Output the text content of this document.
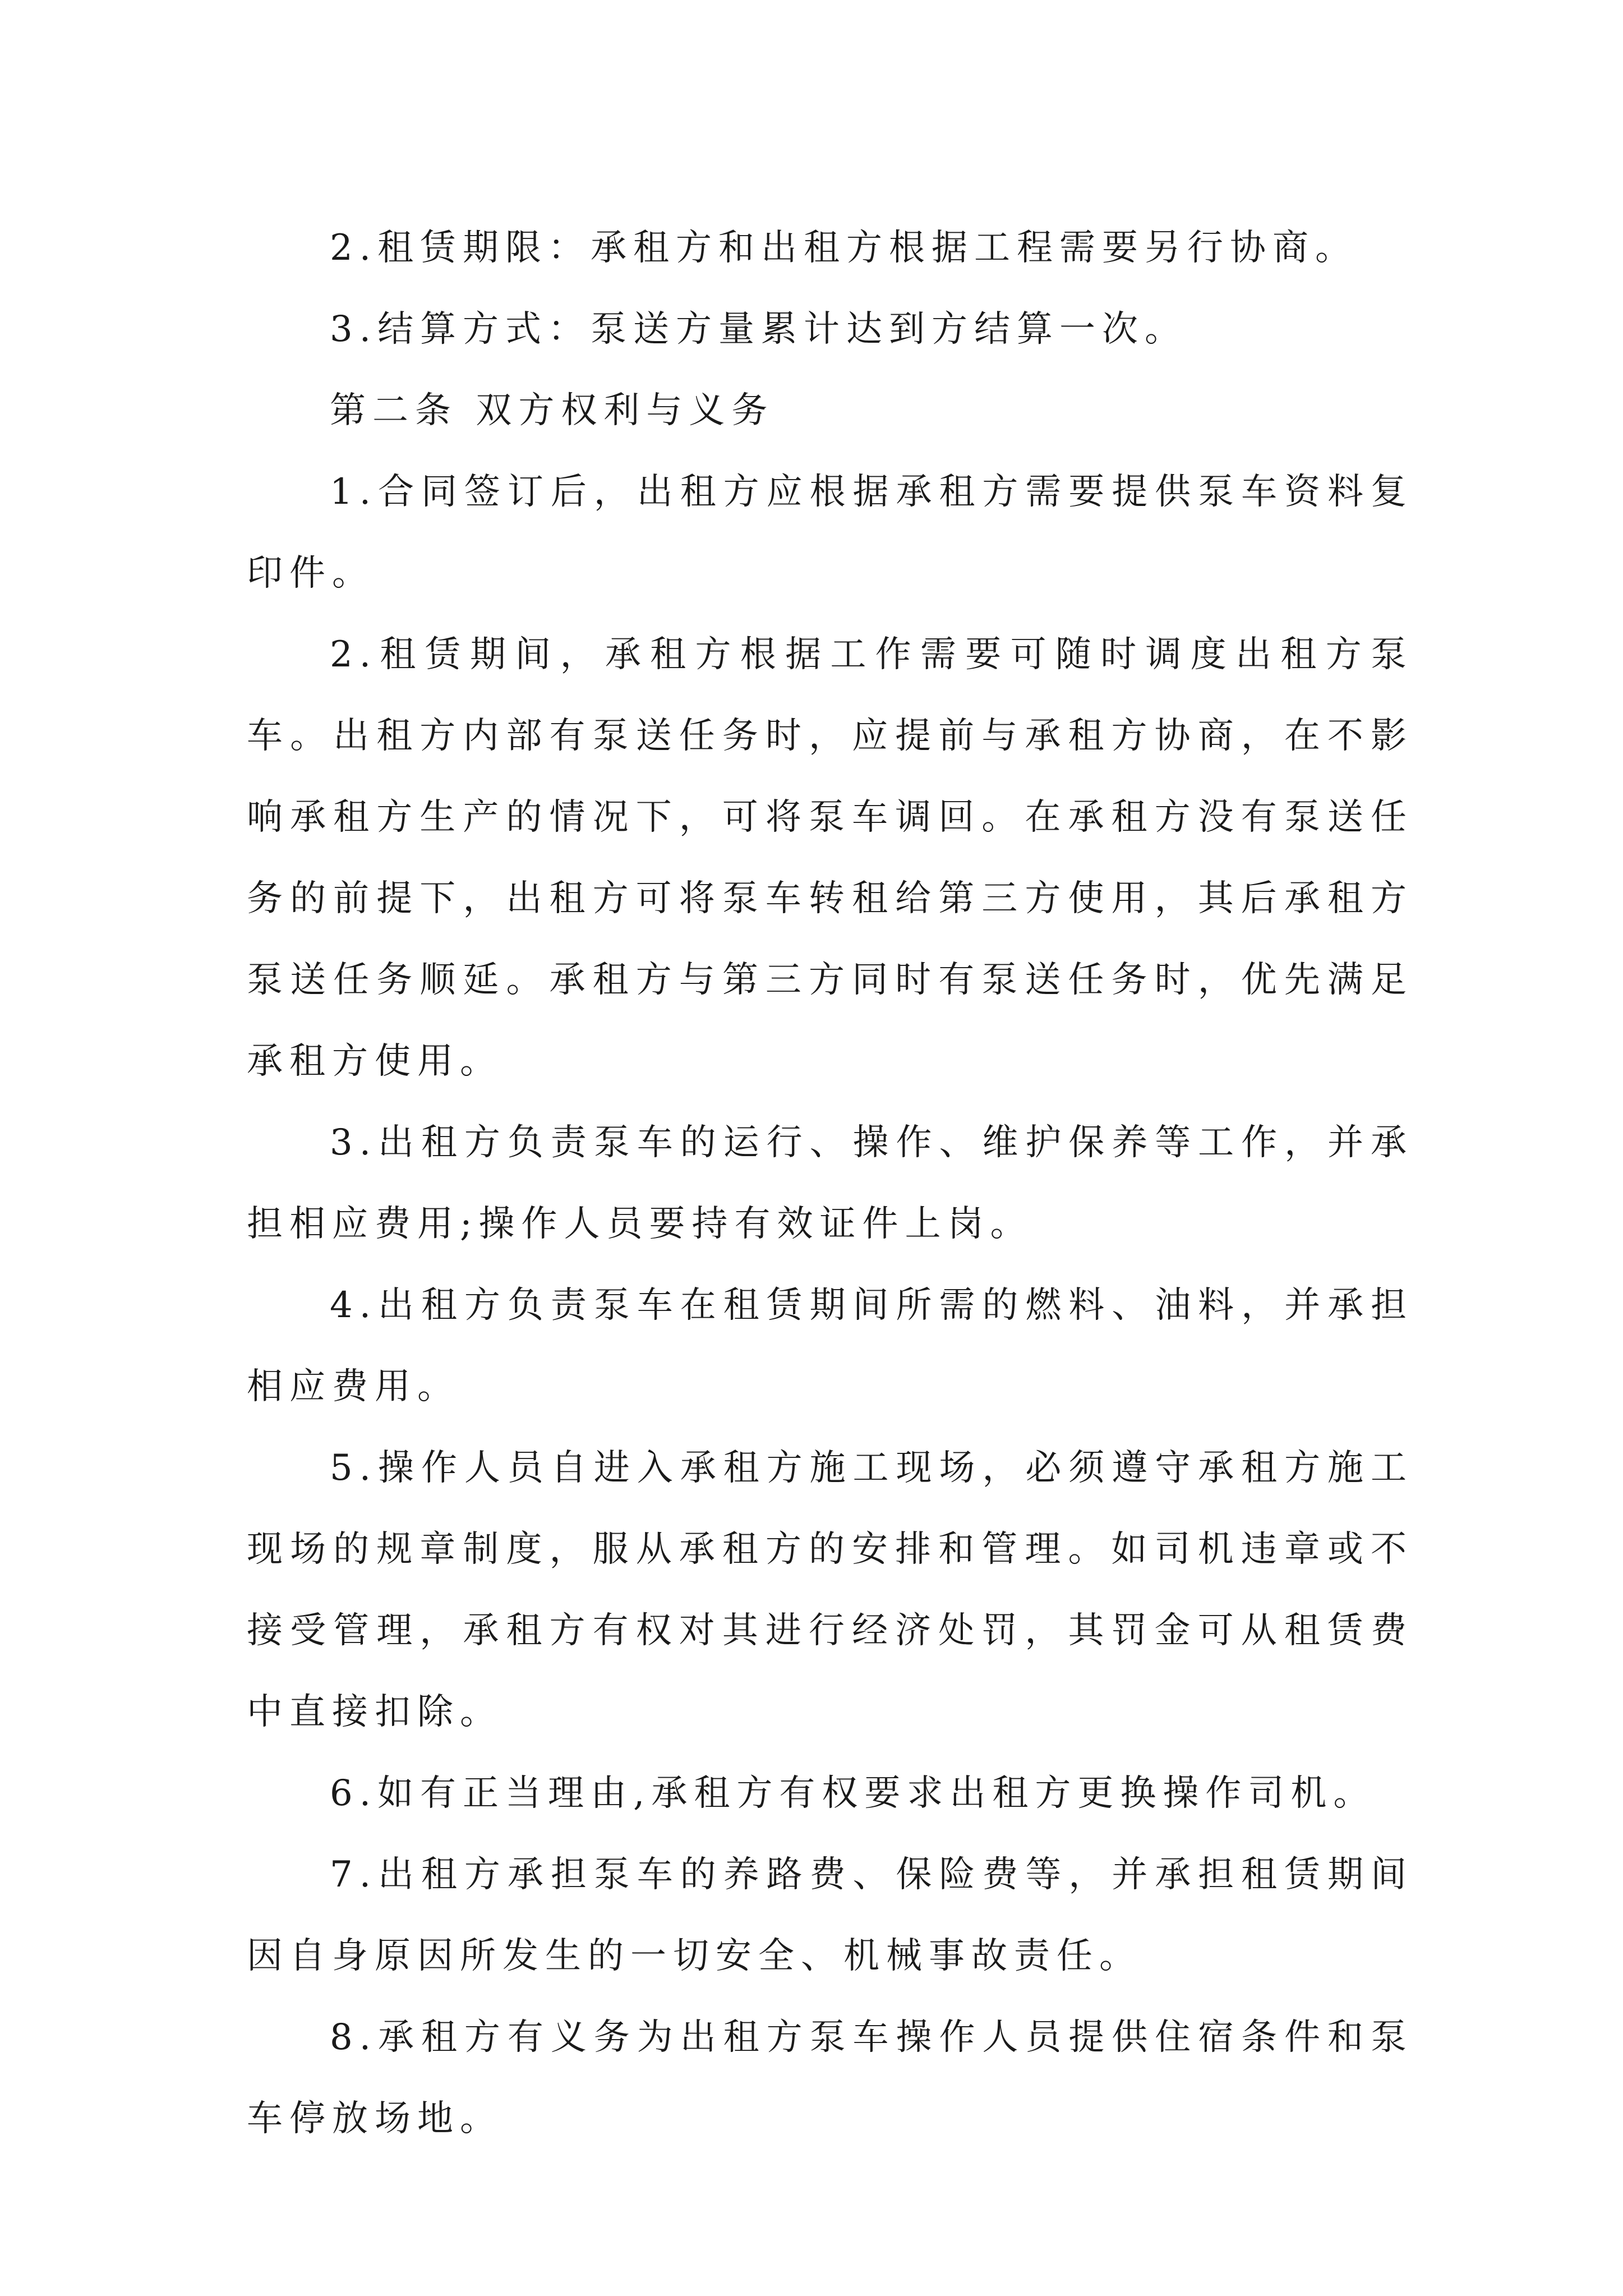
2.租赁期限：承租方和出租方根据工程需要另行协商。

3.结算方式：泵送方量累计达到方结算一次。

第二条 双方权利与义务

1.合同签订后，出租方应根据承租方需要提供泵车资料复印件。

2.租赁期间，承租方根据工作需要可随时调度出租方泵车。出租方内部有泵送任务时，应提前与承租方协商，在不影响承租方生产的情况下，可将泵车调回。在承租方没有泵送任务的前提下，出租方可将泵车转租给第三方使用，其后承租方泵送任务顺延。承租方与第三方同时有泵送任务时，优先满足承租方使用。

3.出租方负责泵车的运行、操作、维护保养等工作，并承担相应费用;操作人员要持有效证件上岗。

4.出租方负责泵车在租赁期间所需的燃料、油料，并承担相应费用。

5.操作人员自进入承租方施工现场，必须遵守承租方施工现场的规章制度，服从承租方的安排和管理。如司机违章或不接受管理，承租方有权对其进行经济处罚，其罚金可从租赁费中直接扣除。

6.如有正当理由,承租方有权要求出租方更换操作司机。

7.出租方承担泵车的养路费、保险费等，并承担租赁期间因自身原因所发生的一切安全、机械事故责任。

8.承租方有义务为出租方泵车操作人员提供住宿条件和泵车停放场地。
